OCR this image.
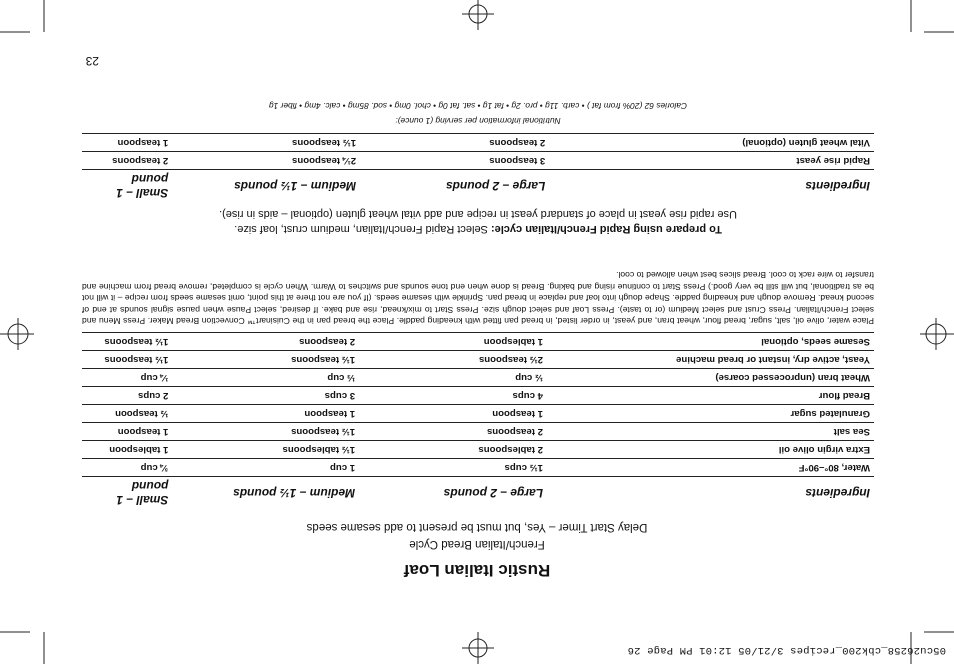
05cu26258_cbk200_recipes 3/21/05 12:01 PM Page 26
Rustic Italian Loaf
French/Italian Bread Cycle
Delay Start Timer – Yes, but must be present to add sesame seeds
Ingredients	Large – 2 pounds	Medium – 1½ pounds	Small – 1 pound
Water, 80°–90°F	1½ cups	1 cup	¾ cup
Extra virgin olive oil	2 tablespoons	1½ tablespoons	1 tablespoon
Sea salt	2 teaspoons	1½ teaspoons	1 teaspoon
Granulated sugar	1 teaspoon	1 teaspoon	½ teaspoon
Bread flour	4 cups	3 cups	2 cups
Wheat bran (unprocessed coarse)	½ cup	⅓ cup	¼ cup
Yeast, active dry, instant or bread machine	2½ teaspoons	1½ teaspoons	1½ teaspoons
Sesame seeds, optional	1 tablespoon	2 teaspoons	1½ teaspoons
Place water, olive oil, salt, sugar, bread flour, wheat bran, and yeast, in order listed, in bread pan fitted with kneading paddle. Place the bread pan in the Cuisinart™ Convection Bread Maker. Press Menu and select French/Italian. Press Crust and select Medium (or to taste). Press Loaf and select dough size. Press Start to mix/knead, rise and bake. If desired, select Pause when pause signal sounds at end of second knead. Remove dough and kneading paddle. Shape dough into loaf and replace in bread pan. Sprinkle with sesame seeds. (If you are not there at this point, omit sesame seeds from recipe – it will not be as traditional, but will still be very good.) Press Start to continue rising and baking. Bread is done when end tone sounds and switches to Warm. When cycle is completed, remove bread from machine and transfer to wire rack to cool. Bread slices best when allowed to cool.
To prepare using Rapid French/Italian cycle: Select Rapid French/Italian, medium crust, loaf size.
Use rapid rise yeast in place of standard yeast in recipe and add vital wheat gluten (optional – aids in rise).
Ingredients	Large – 2 pounds	Medium – 1½ pounds	Small – 1 pound
Rapid rise yeast	3 teaspoons	2¼ teaspoons	2 teaspoons
Vital wheat gluten (optional)	2 teaspoons	1½ teaspoons	1 teaspoon
Nutritional information per serving (1 ounce):
Calories 62 (20% from fat ) • carb. 11g • pro. 2g • fat 1g • sat. fat 0g • chol. 0mg • sod. 85mg • calc. 4mg • fiber 1g
23
